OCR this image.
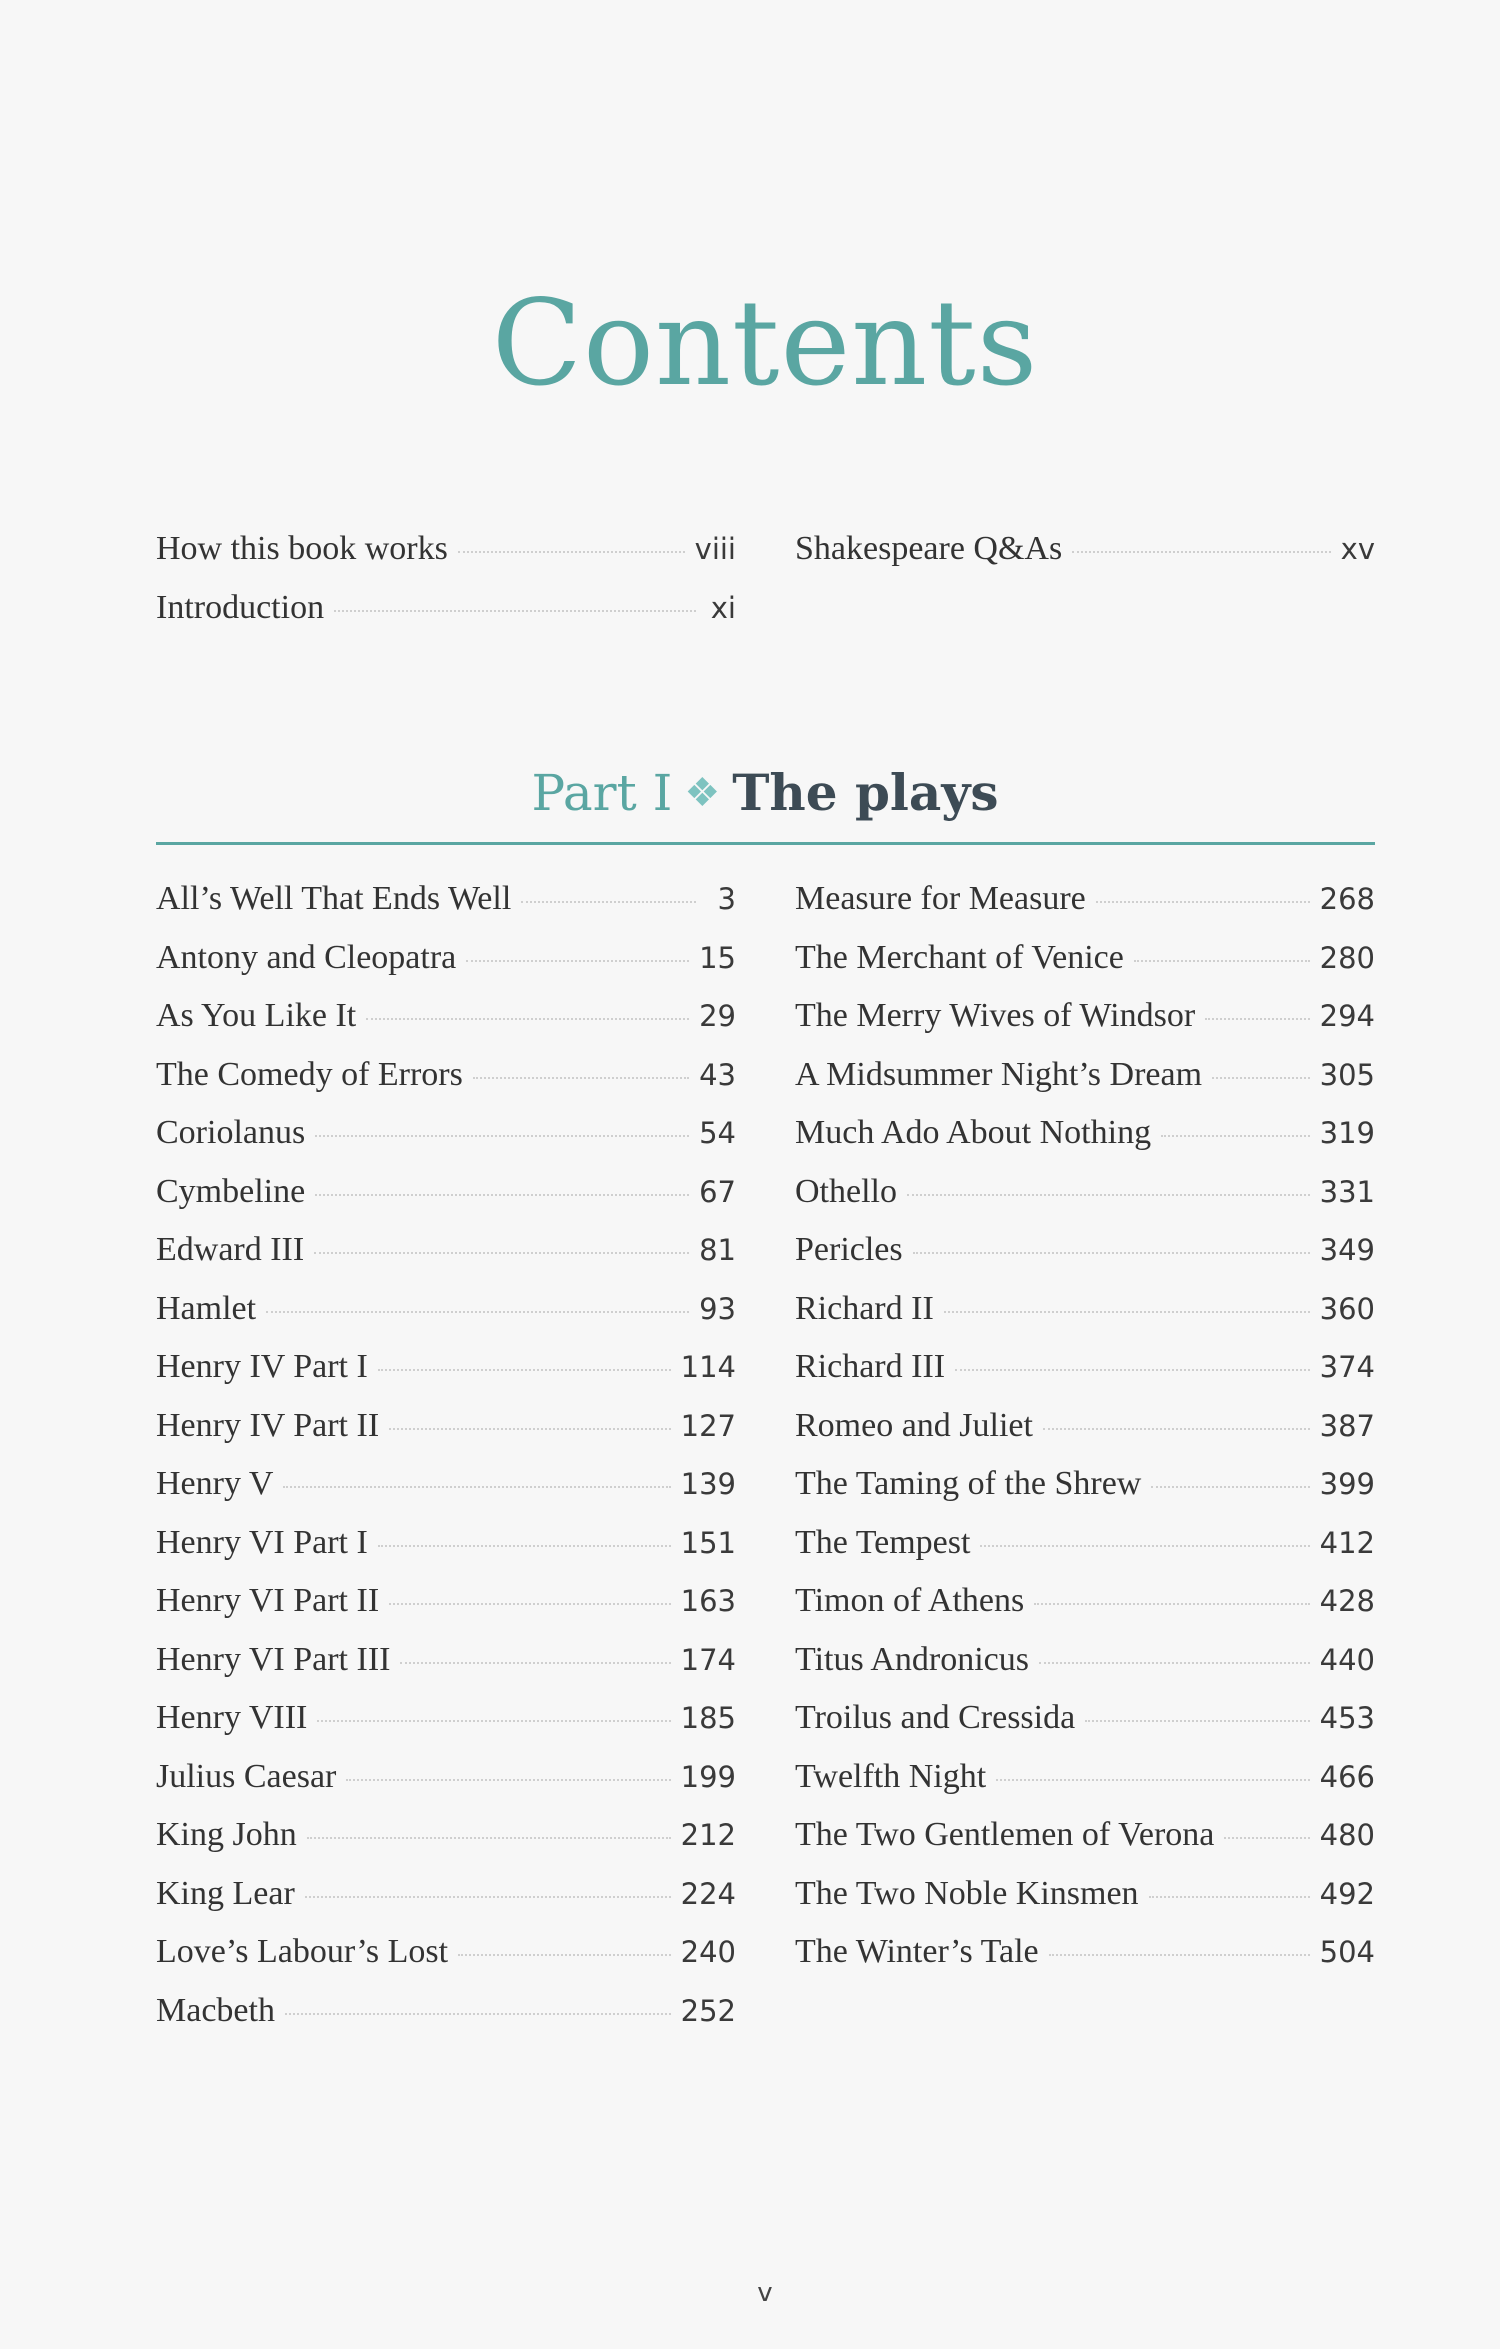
Contents
How this book works	viii
Introduction	xi
Shakespeare Q&As	xv
Part I ❖ The plays
All’s Well That Ends Well	3
Antony and Cleopatra	15
As You Like It	29
The Comedy of Errors	43
Coriolanus	54
Cymbeline	67
Edward III	81
Hamlet	93
Henry IV Part I	114
Henry IV Part II	127
Henry V	139
Henry VI Part I	151
Henry VI Part II	163
Henry VI Part III	174
Henry VIII	185
Julius Caesar	199
King John	212
King Lear	224
Love’s Labour’s Lost	240
Macbeth	252
Measure for Measure	268
The Merchant of Venice	280
The Merry Wives of Windsor	294
A Midsummer Night’s Dream	305
Much Ado About Nothing	319
Othello	331
Pericles	349
Richard II	360
Richard III	374
Romeo and Juliet	387
The Taming of the Shrew	399
The Tempest	412
Timon of Athens	428
Titus Andronicus	440
Troilus and Cressida	453
Twelfth Night	466
The Two Gentlemen of Verona	480
The Two Noble Kinsmen	492
The Winter’s Tale	504
v
